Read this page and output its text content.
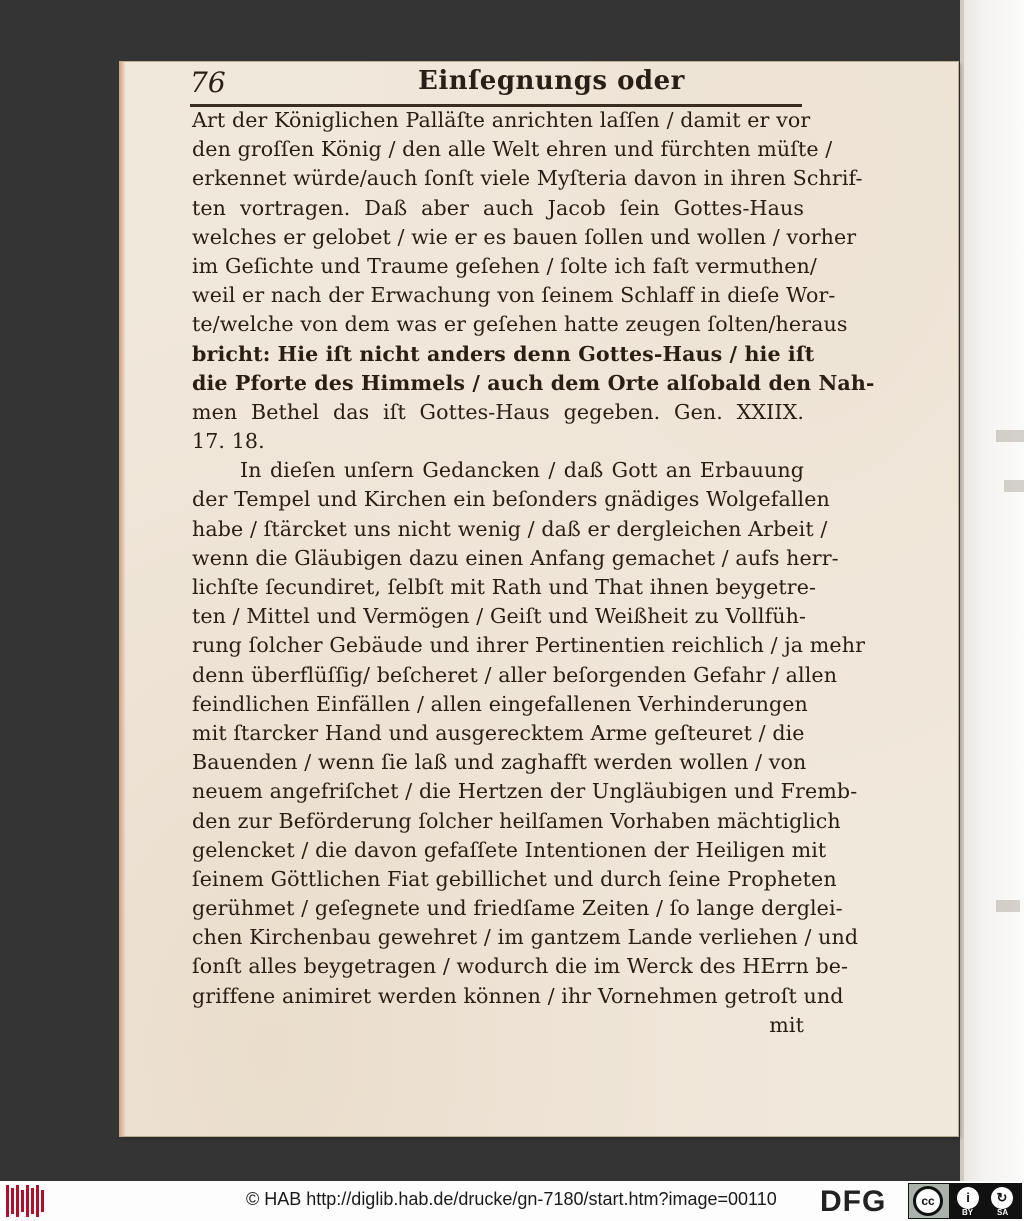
76	Einſegnungs oder
Art der Königlichen Palläſte anrichten laſſen / damit er vor
den groſſen König / den alle Welt ehren und fürchten müſte /
erkennet würde/auch ſonſt viele Myſteria davon in ihren Schrif-
ten vortragen. Daß aber auch Jacob ſein Gottes-Haus
welches er gelobet / wie er es bauen ſollen und wollen / vorher
im Geſichte und Traume geſehen / ſolte ich faſt vermuthen/
weil er nach der Erwachung von ſeinem Schlaff in dieſe Wor-
te/welche von dem was er geſehen hatte zeugen ſolten/heraus
bricht: Hie iſt nicht anders denn Gottes-Haus / hie iſt
die Pforte des Himmels / auch dem Orte alſobald den Nah-
men Bethel das iſt Gottes-Haus gegeben. Gen. XXIIX.
17. 18.
In dieſen unſern Gedancken / daß Gott an Erbauung
der Tempel und Kirchen ein beſonders gnädiges Wolgefallen
habe / ſtärcket uns nicht wenig / daß er dergleichen Arbeit /
wenn die Gläubigen dazu einen Anfang gemachet / aufs herr-
lichſte ſecundiret, ſelbſt mit Rath und That ihnen beygetre-
ten / Mittel und Vermögen / Geiſt und Weißheit zu Vollfüh-
rung ſolcher Gebäude und ihrer Pertinentien reichlich / ja mehr
denn überflüſſig/ beſcheret / aller beſorgenden Gefahr / allen
feindlichen Einfällen / allen eingefallenen Verhinderungen
mit ſtarcker Hand und ausgerecktem Arme geſteuret / die
Bauenden / wenn ſie laß und zaghafft werden wollen / von
neuem angefriſchet / die Hertzen der Ungläubigen und Fremb-
den zur Beförderung ſolcher heilſamen Vorhaben mächtiglich
gelencket / die davon gefaſſete Intentionen der Heiligen mit
ſeinem Göttlichen Fiat gebillichet und durch ſeine Propheten
gerühmet / geſegnete und friedſame Zeiten / ſo lange derglei-
chen Kirchenbau gewehret / im gantzem Lande verliehen / und
ſonſt alles beygetragen / wodurch die im Werck des HErrn be-
griffene animiret werden können / ihr Vornehmen getroſt und
mit
© HAB http://diglib.hab.de/drucke/gn-7180/start.htm?image=00110 DFG	cc	i	↻
BY	SA
